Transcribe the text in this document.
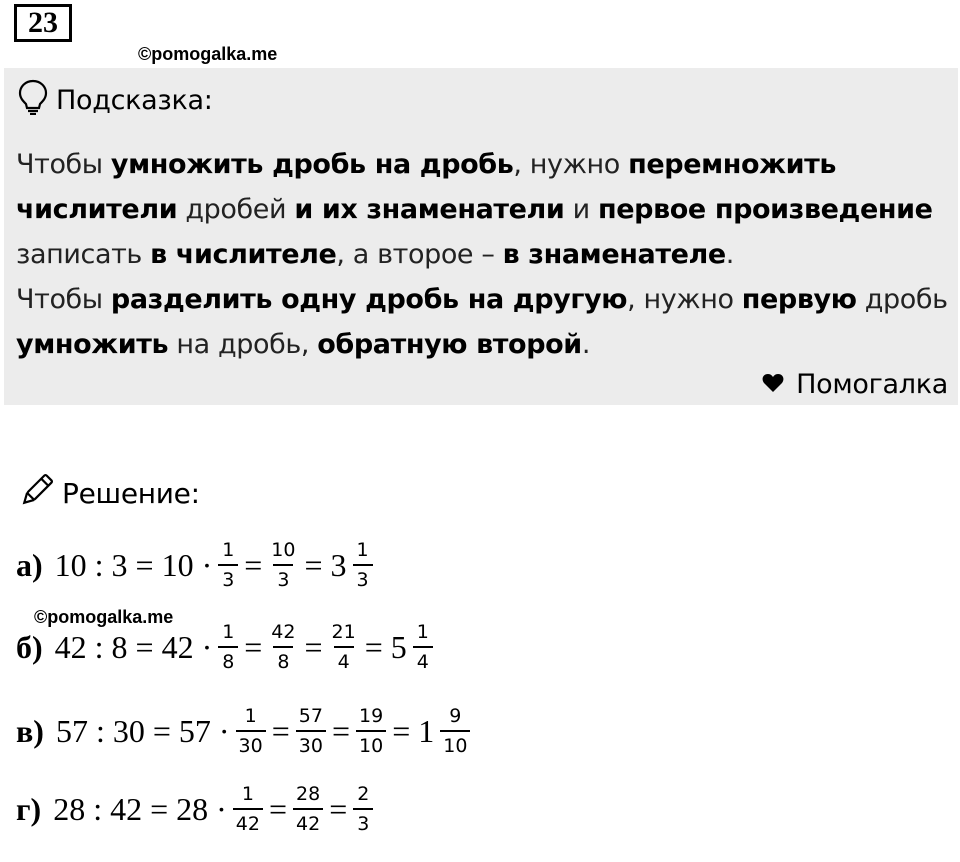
23
©pomogalka.me
Подсказка:
Чтобы умножить дробь на дробь, нужно перемножить числители дробей и их знаменатели и первое произведение записать в числителе, а второе – в знаменателе.
Чтобы разделить одну дробь на другую, нужно первую дробь умножить на дробь, обратную второй.
Помогалка
Решение:
а) 10 : $3 = 10 \cdot \frac{1}{3} = \frac{10}{3} = 3 \frac{1}{3}$
©pomogalka.me
б) 42 : $8 = 42 \cdot \frac{1}{8} = \frac{42}{8} = \frac{21}{4} = 5 \frac{1}{4}$
в) 57 : $30 = 57 \cdot \frac{1}{30} = \frac{57}{30} = \frac{19}{10} = 1 \frac{9}{10}$
г) 28 : $42 = 28 \cdot \frac{1}{42} = \frac{28}{42} = \frac{2}{3}$
